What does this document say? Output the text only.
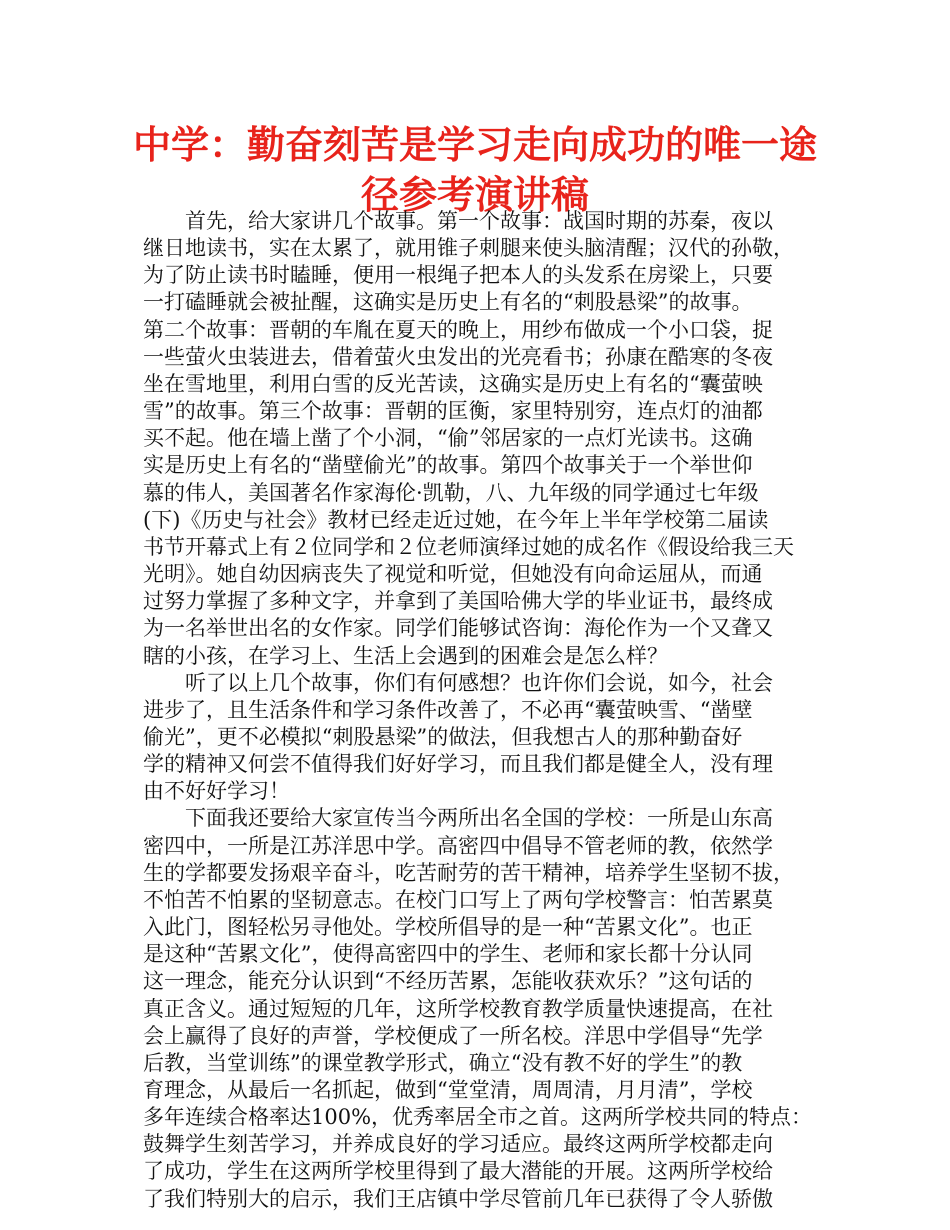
中学：勤奋刻苦是学习走向成功的唯一途
径参考演讲稿

首先，给大家讲几个故事。第一个故事：战国时期的苏秦，夜以
继日地读书，实在太累了，就用锥子刺腿来使头脑清醒；汉代的孙敬，
为了防止读书时瞌睡，便用一根绳子把本人的头发系在房梁上，只要
一打磕睡就会被扯醒，这确实是历史上有名的“刺股悬梁”的故事。
第二个故事：晋朝的车胤在夏天的晚上，用纱布做成一个小口袋，捉
一些萤火虫装进去，借着萤火虫发出的光亮看书；孙康在酷寒的冬夜
坐在雪地里，利用白雪的反光苦读，这确实是历史上有名的“囊萤映
雪”的故事。第三个故事：晋朝的匡衡，家里特别穷，连点灯的油都
买不起。他在墙上凿了个小洞，“偷”邻居家的一点灯光读书。这确
实是历史上有名的“凿壁偷光”的故事。第四个故事关于一个举世仰
慕的伟人，美国著名作家海伦·凯勒，八、九年级的同学通过七年级
(下)《历史与社会》教材已经走近过她，在今年上半年学校第二届读
书节开幕式上有２位同学和２位老师演绎过她的成名作《假设给我三天
光明》。她自幼因病丧失了视觉和听觉，但她没有向命运屈从，而通
过努力掌握了多种文字，并拿到了美国哈佛大学的毕业证书，最终成
为一名举世出名的女作家。同学们能够试咨询：海伦作为一个又聋又
瞎的小孩，在学习上、生活上会遇到的困难会是怎么样？

听了以上几个故事，你们有何感想？也许你们会说，如今，社会
进步了，且生活条件和学习条件改善了，不必再“囊萤映雪、“凿壁
偷光”，更不必模拟“刺股悬梁”的做法，但我想古人的那种勤奋好
学的精神又何尝不值得我们好好学习，而且我们都是健全人，没有理
由不好好学习！

下面我还要给大家宣传当今两所出名全国的学校：一所是山东高
密四中，一所是江苏洋思中学。高密四中倡导不管老师的教，依然学
生的学都要发扬艰辛奋斗，吃苦耐劳的苦干精神，培养学生坚韧不拔，
不怕苦不怕累的坚韧意志。在校门口写上了两句学校警言：怕苦累莫
入此门，图轻松另寻他处。学校所倡导的是一种“苦累文化”。也正
是这种“苦累文化”，使得高密四中的学生、老师和家长都十分认同
这一理念，能充分认识到“不经历苦累，怎能收获欢乐？”这句话的
真正含义。通过短短的几年，这所学校教育教学质量快速提高，在社
会上赢得了良好的声誉，学校便成了一所名校。洋思中学倡导“先学
后教，当堂训练”的课堂教学形式，确立“没有教不好的学生”的教
育理念，从最后一名抓起，做到“堂堂清，周周清，月月清”，学校
多年连续合格率达100%，优秀率居全市之首。这两所学校共同的特点：
鼓舞学生刻苦学习，并养成良好的学习适应。最终这两所学校都走向
了成功，学生在这两所学校里得到了最大潜能的开展。这两所学校给
了我们特别大的启示，我们王店镇中学尽管前几年已获得了令人骄傲
